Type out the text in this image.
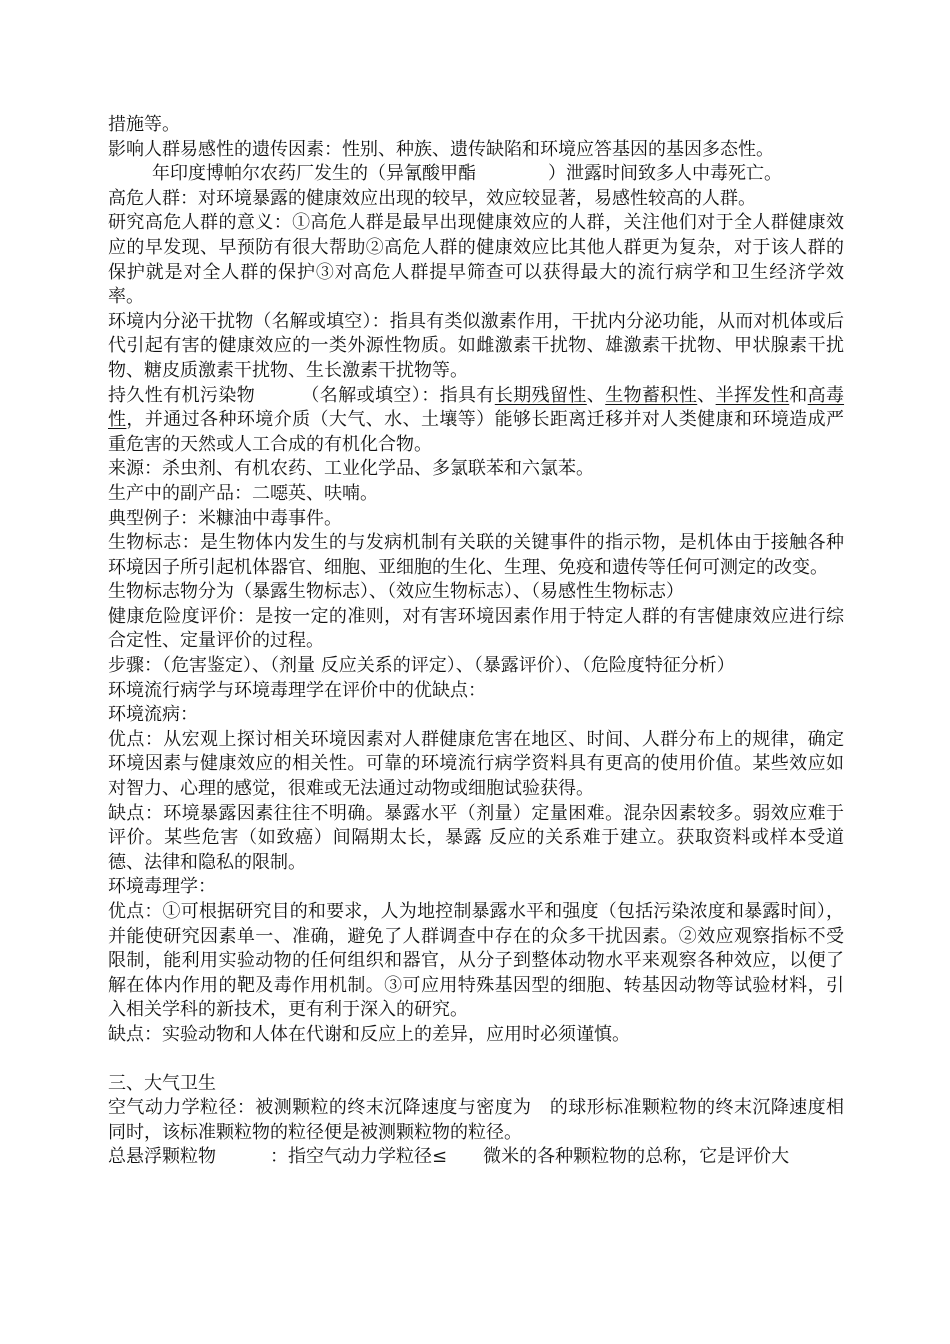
措施等。

影响人群易感性的遗传因素：性别、种族、遗传缺陷和环境应答基因的基因多态性。

年印度博帕尔农药厂发生的（异氰酸甲酯　　　　）泄露时间致多人中毒死亡。

高危人群：对环境暴露的健康效应出现的较早，效应较显著，易感性较高的人群。

研究高危人群的意义：①高危人群是最早出现健康效应的人群，关注他们对于全人群健康效应的早发现、早预防有很大帮助②高危人群的健康效应比其他人群更为复杂，对于该人群的保护就是对全人群的保护③对高危人群提早筛查可以获得最大的流行病学和卫生经济学效率。

环境内分泌干扰物（名解或填空）：指具有类似激素作用，干扰内分泌功能，从而对机体或后代引起有害的健康效应的一类外源性物质。如雌激素干扰物、雄激素干扰物、甲状腺素干扰物、糖皮质激素干扰物、生长激素干扰物等。

持久性有机污染物　　　（名解或填空）：指具有长期残留性、生物蓄积性、半挥发性和高毒性，并通过各种环境介质（大气、水、土壤等）能够长距离迁移并对人类健康和环境造成严重危害的天然或人工合成的有机化合物。

来源：杀虫剂、有机农药、工业化学品、多氯联苯和六氯苯。

生产中的副产品：二噁英、呋喃。

典型例子：米糠油中毒事件。

生物标志：是生物体内发生的与发病机制有关联的关键事件的指示物，是机体由于接触各种环境因子所引起机体器官、细胞、亚细胞的生化、生理、免疫和遗传等任何可测定的改变。

生物标志物分为（暴露生物标志）、（效应生物标志）、（易感性生物标志）

健康危险度评价：是按一定的准则，对有害环境因素作用于特定人群的有害健康效应进行综合定性、定量评价的过程。

步骤：（危害鉴定）、（剂量 反应关系的评定）、（暴露评价）、（危险度特征分析）

环境流行病学与环境毒理学在评价中的优缺点：

环境流病：

优点：从宏观上探讨相关环境因素对人群健康危害在地区、时间、人群分布上的规律，确定环境因素与健康效应的相关性。可靠的环境流行病学资料具有更高的使用价值。某些效应如对智力、心理的感觉，很难或无法通过动物或细胞试验获得。

缺点：环境暴露因素往往不明确。暴露水平（剂量）定量困难。混杂因素较多。弱效应难于评价。某些危害（如致癌）间隔期太长，暴露 反应的关系难于建立。获取资料或样本受道德、法律和隐私的限制。

环境毒理学：

优点：①可根据研究目的和要求，人为地控制暴露水平和强度（包括污染浓度和暴露时间），并能使研究因素单一、准确，避免了人群调查中存在的众多干扰因素。②效应观察指标不受限制，能利用实验动物的任何组织和器官，从分子到整体动物水平来观察各种效应，以便了解在体内作用的靶及毒作用机制。③可应用特殊基因型的细胞、转基因动物等试验材料，引入相关学科的新技术，更有利于深入的研究。

缺点：实验动物和人体在代谢和反应上的差异，应用时必须谨慎。

三、大气卫生

空气动力学粒径：被测颗粒的终末沉降速度与密度为　的球形标准颗粒物的终末沉降速度相同时，该标准颗粒物的粒径便是被测颗粒物的粒径。

总悬浮颗粒物　　　：指空气动力学粒径≤　　微米的各种颗粒物的总称，它是评价大
